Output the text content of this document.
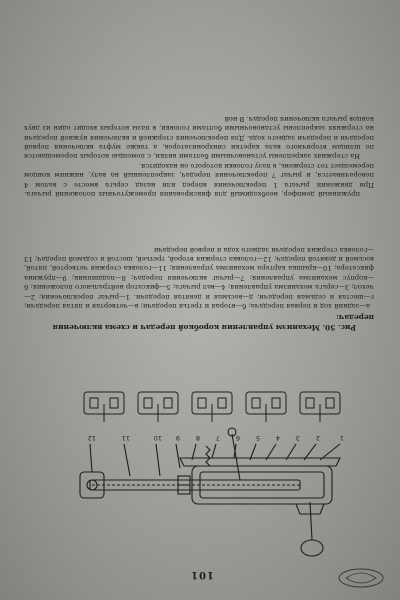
101
1
2
3
4
5
6
7
8
9
10
11
12

Рис. 50. Механизм управления коробкой передач и схема включения передач:

а—задний ход и первая передача; б—вторая и третья передачи; в—четвертая и пятая передачи; г—шестая и седьмая передачи; д—восьмая и девятая передачи. 1—рычаг переключения; 2—чехол; 3—серьга механизма управления; 4—вал рычага; 5—фиксатор нейтрального положения; 6—корпус механизма управления; 7—рычаг включения передач; 8—подшипник; 9—пружина фиксатора; 10—крышка картера механизма управления; 11—головка стержня четвертой, пятой, восьмой и девятой передач; 12—головка стержня второй, третьей, шестой и седьмой передач; 13—головка стержня передачи заднего хода и первой передачи

пружинный демпфер, необходимый для фиксирования промежуточных положений рычага. При движении рычага 1 переключения вперед или назад серьга вместе с валом 4 поворачивается, и рычаг 7 переключения передач, закрепленный на валу, нижним концом перемещает тот стержень, в пазу головки которого он находится.

На стержнях закреплены установочными болтами вилки, с помощью которых перемещаются по шлицам вторичного вала каретки синхронизаторов, а также муфта включения первой передачи и передачи заднего хода. Для переключения стержней и включения нужной передачи на стержнях закреплены установочными болтами головки, в пазы которых входит один из двух концов рычага включения передач. В ней
